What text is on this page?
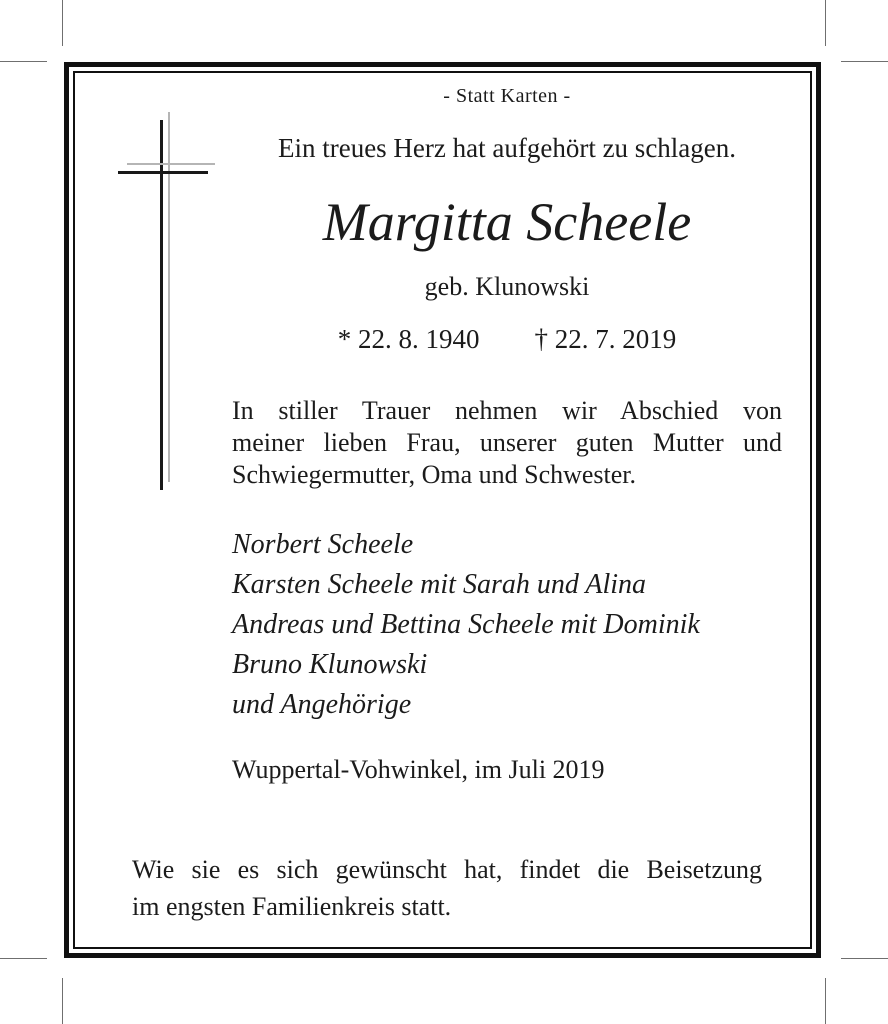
- Statt Karten -
Ein treues Herz hat aufgehört zu schlagen.
Margitta Scheele
geb. Klunowski
* 22. 8. 1940 † 22. 7. 2019
In stiller Trauer nehmen wir Abschied von
meiner lieben Frau, unserer guten Mutter und
Schwiegermutter, Oma und Schwester.
Norbert Scheele
Karsten Scheele mit Sarah und Alina
Andreas und Bettina Scheele mit Dominik
Bruno Klunowski
und Angehörige
Wuppertal-Vohwinkel, im Juli 2019
Wie sie es sich gewünscht hat, findet die Beisetzung
im engsten Familienkreis statt.
